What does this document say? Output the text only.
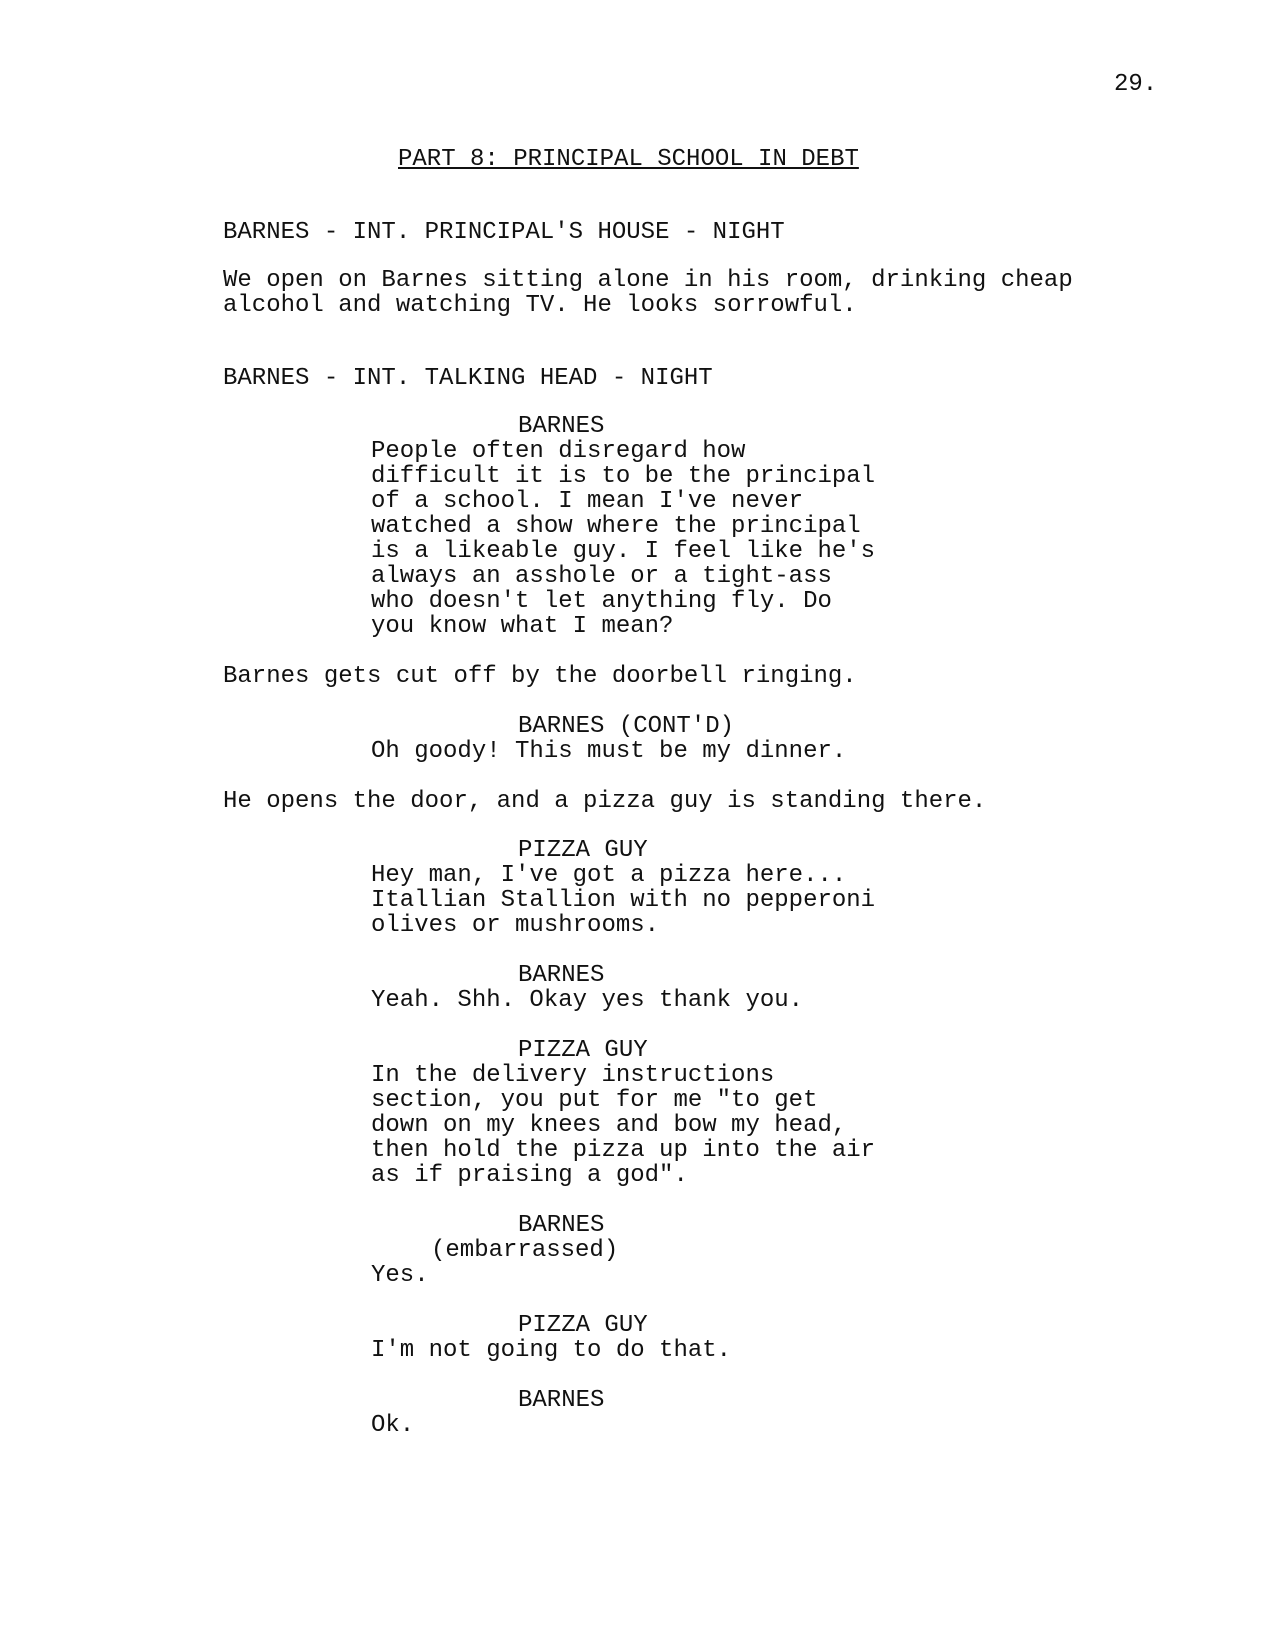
29.
PART 8: PRINCIPAL SCHOOL IN DEBT
BARNES - INT. PRINCIPAL'S HOUSE - NIGHT
We open on Barnes sitting alone in his room, drinking cheap
alcohol and watching TV. He looks sorrowful.
BARNES - INT. TALKING HEAD - NIGHT
BARNES
People often disregard how
difficult it is to be the principal
of a school. I mean I've never
watched a show where the principal
is a likeable guy. I feel like he's
always an asshole or a tight-ass
who doesn't let anything fly. Do
you know what I mean?
Barnes gets cut off by the doorbell ringing.
BARNES (CONT'D)
Oh goody! This must be my dinner.
He opens the door, and a pizza guy is standing there.
PIZZA GUY
Hey man, I've got a pizza here...
Itallian Stallion with no pepperoni
olives or mushrooms.
BARNES
Yeah. Shh. Okay yes thank you.
PIZZA GUY
In the delivery instructions
section, you put for me "to get
down on my knees and bow my head,
then hold the pizza up into the air
as if praising a god".
BARNES
(embarrassed)
Yes.
PIZZA GUY
I'm not going to do that.
BARNES
Ok.
